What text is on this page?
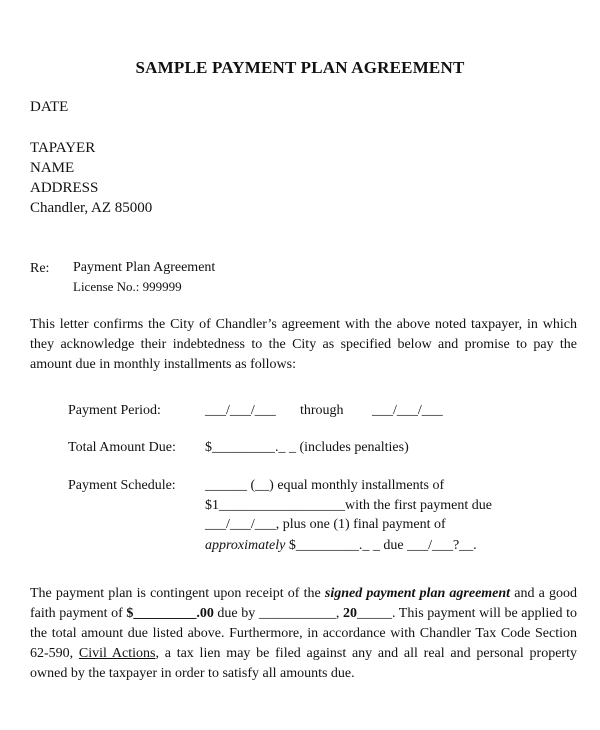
SAMPLE PAYMENT PLAN AGREEMENT
DATE
TAPAYER
NAME
ADDRESS
Chandler, AZ 85000
Re: Payment Plan Agreement
License No.: 999999
This letter confirms the City of Chandler’s agreement with the above noted taxpayer, in which
they acknowledge their indebtedness to the City as specified below and promise to pay the
amount due in monthly installments as follows:
Payment Period:	___/___/___ through ___/___/___
Total Amount Due: $_________._ _ (includes penalties)
Payment Schedule: ______ (__) equal monthly installments of
$1__________________with the first payment due
___/___/___, plus one (1) final payment of
approximately $_________._ _ due ___/___?__.
The payment plan is contingent upon receipt of the signed payment plan agreement and a good
faith payment of $_________.00 due by ___________, 20_____. This payment will be applied to
the total amount due listed above. Furthermore, in accordance with Chandler Tax Code Section
62-590, Civil Actions, a tax lien may be filed against any and all real and personal property
owned by the taxpayer in order to satisfy all amounts due.
